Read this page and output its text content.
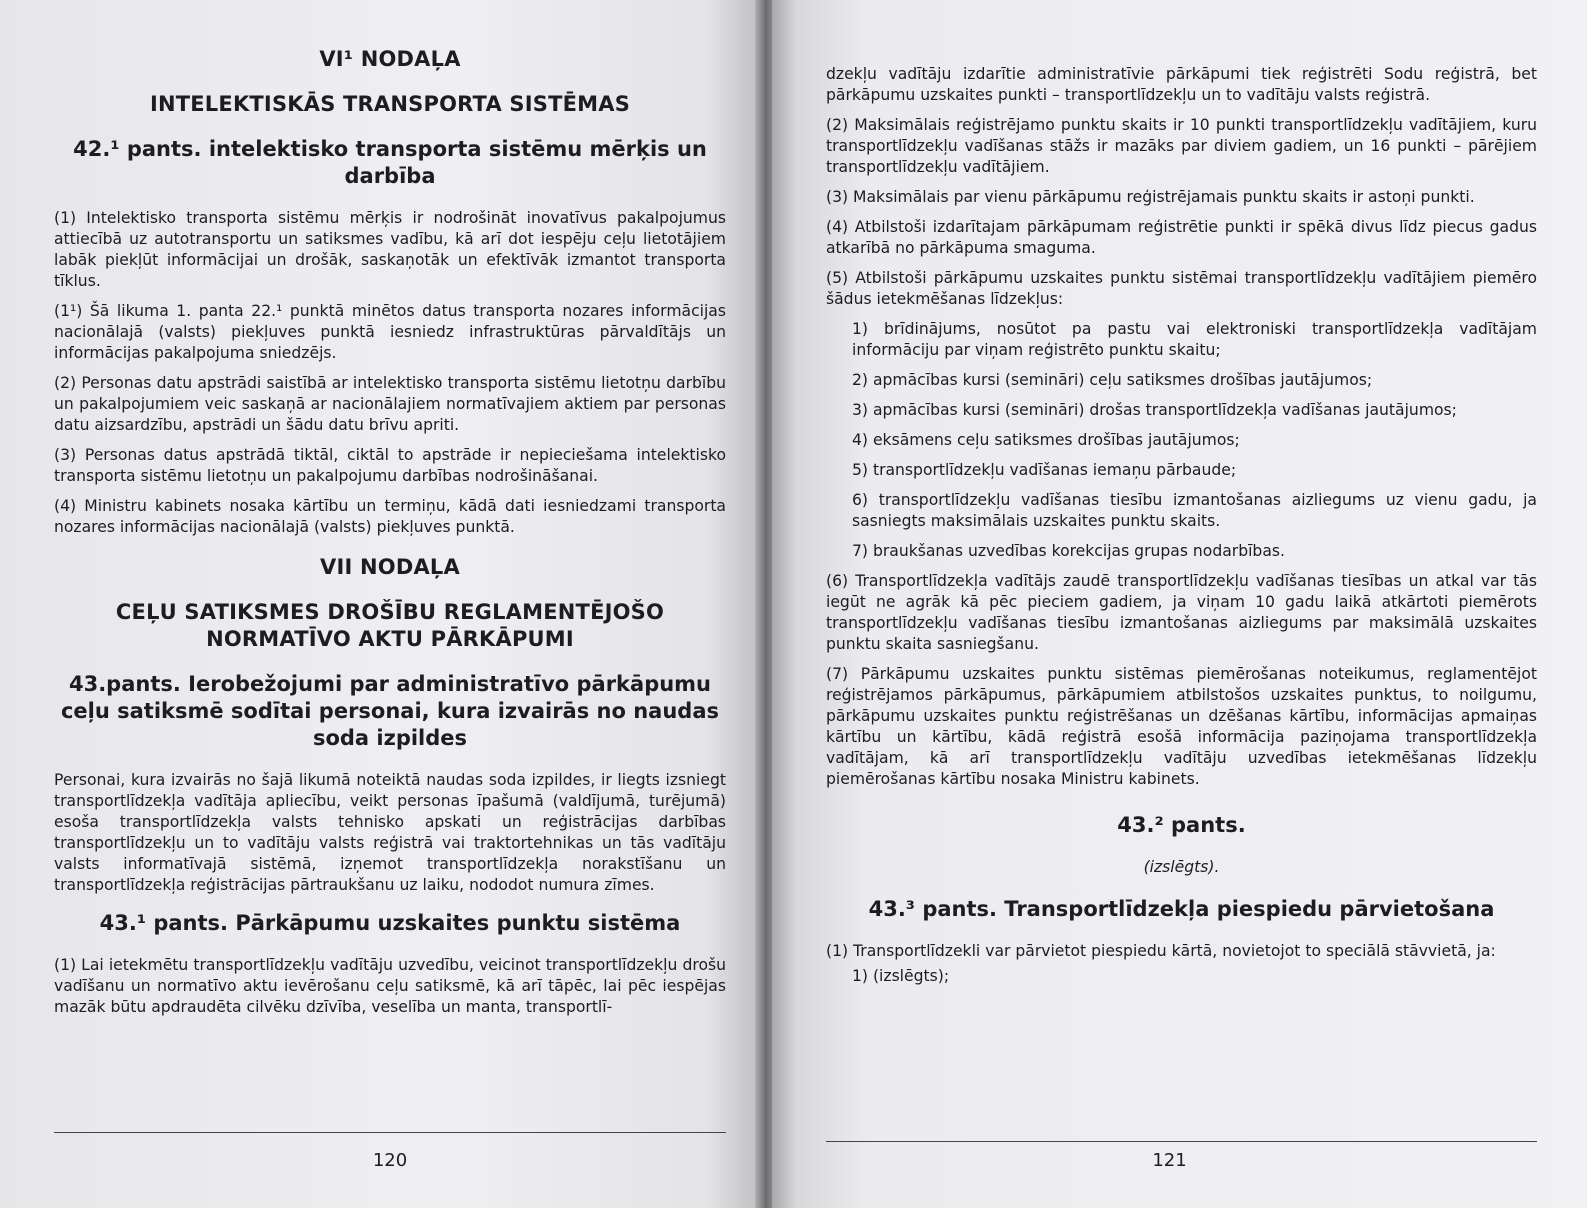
VI¹ NODAĻA
INTELEKTISKĀS TRANSPORTA SISTĒMAS
42.¹ pants. intelektisko transporta sistēmu mērķis un darbība

(1) Intelektisko transporta sistēmu mērķis ir nodrošināt inovatīvus pakalpojumus attiecībā uz autotransportu un satiksmes vadību, kā arī dot iespēju ceļu lietotājiem labāk piekļūt informācijai un drošāk, saskaņotāk un efektīvāk izmantot transporta tīklus.

(1¹) Šā likuma 1. panta 22.¹ punktā minētos datus transporta nozares informācijas nacionālajā (valsts) piekļuves punktā iesniedz infrastruktūras pārvaldītājs un informācijas pakalpojuma sniedzējs.

(2) Personas datu apstrādi saistībā ar intelektisko transporta sistēmu lietotņu darbību un pakalpojumiem veic saskaņā ar nacionālajiem normatīvajiem aktiem par personas datu aizsardzību, apstrādi un šādu datu brīvu apriti.

(3) Personas datus apstrādā tiktāl, ciktāl to apstrāde ir nepieciešama intelektisko transporta sistēmu lietotņu un pakalpojumu darbības nodrošināšanai.

(4) Ministru kabinets nosaka kārtību un termiņu, kādā dati iesniedzami transporta nozares informācijas nacionālajā (valsts) piekļuves punktā.

VII NODAĻA
CEĻU SATIKSMES DROŠĪBU REGLAMENTĒJOŠO NORMATĪVO AKTU PĀRKĀPUMI
43.pants. Ierobežojumi par administratīvo pārkāpumu ceļu satiksmē sodītai personai, kura izvairās no naudas soda izpildes

Personai, kura izvairās no šajā likumā noteiktā naudas soda izpildes, ir liegts izsniegt transportlīdzekļa vadītāja apliecību, veikt personas īpašumā (valdījumā, turējumā) esoša transportlīdzekļa valsts tehnisko apskati un reģistrācijas darbības transportlīdzekļu un to vadītāju valsts reģistrā vai traktortehnikas un tās vadītāju valsts informatīvajā sistēmā, izņemot transportlīdzekļa norakstīšanu un transportlīdzekļa reģistrācijas pārtraukšanu uz laiku, nododot numura zīmes.

43.¹ pants. Pārkāpumu uzskaites punktu sistēma

(1) Lai ietekmētu transportlīdzekļu vadītāju uzvedību, veicinot transportlīdzekļu drošu vadīšanu un normatīvo aktu ievērošanu ceļu satiksmē, kā arī tāpēc, lai pēc iespējas mazāk būtu apdraudēta cilvēku dzīvība, veselība un manta, transportlī-

120

dzekļu vadītāju izdarītie administratīvie pārkāpumi tiek reģistrēti Sodu reģistrā, bet pārkāpumu uzskaites punkti – transportlīdzekļu un to vadītāju valsts reģistrā.

(2) Maksimālais reģistrējamo punktu skaits ir 10 punkti transportlīdzekļu vadītājiem, kuru transportlīdzekļu vadīšanas stāžs ir mazāks par diviem gadiem, un 16 punkti – pārējiem transportlīdzekļu vadītājiem.

(3) Maksimālais par vienu pārkāpumu reģistrējamais punktu skaits ir astoņi punkti.

(4) Atbilstoši izdarītajam pārkāpumam reģistrētie punkti ir spēkā divus līdz piecus gadus atkarībā no pārkāpuma smaguma.

(5) Atbilstoši pārkāpumu uzskaites punktu sistēmai transportlīdzekļu vadītājiem piemēro šādus ietekmēšanas līdzekļus:

1) brīdinājums, nosūtot pa pastu vai elektroniski transportlīdzekļa vadītājam informāciju par viņam reģistrēto punktu skaitu;

2) apmācības kursi (semināri) ceļu satiksmes drošības jautājumos;

3) apmācības kursi (semināri) drošas transportlīdzekļa vadīšanas jautājumos;

4) eksāmens ceļu satiksmes drošības jautājumos;

5) transportlīdzekļu vadīšanas iemaņu pārbaude;

6) transportlīdzekļu vadīšanas tiesību izmantošanas aizliegums uz vienu gadu, ja sasniegts maksimālais uzskaites punktu skaits.

7) braukšanas uzvedības korekcijas grupas nodarbības.

(6) Transportlīdzekļa vadītājs zaudē transportlīdzekļu vadīšanas tiesības un atkal var tās iegūt ne agrāk kā pēc pieciem gadiem, ja viņam 10 gadu laikā atkārtoti piemērots transportlīdzekļu vadīšanas tiesību izmantošanas aizliegums par maksimālā uzskaites punktu skaita sasniegšanu.

(7) Pārkāpumu uzskaites punktu sistēmas piemērošanas noteikumus, reglamentējot reģistrējamos pārkāpumus, pārkāpumiem atbilstošos uzskaites punktus, to noilgumu, pārkāpumu uzskaites punktu reģistrēšanas un dzēšanas kārtību, informācijas apmaiņas kārtību un kārtību, kādā reģistrā esošā informācija paziņojama transportlīdzekļa vadītājam, kā arī transportlīdzekļu vadītāju uzvedības ietekmēšanas līdzekļu piemērošanas kārtību nosaka Ministru kabinets.

43.² pants.
(izslēgts).
43.³ pants. Transportlīdzekļa piespiedu pārvietošana

(1) Transportlīdzekli var pārvietot piespiedu kārtā, novietojot to speciālā stāvvietā, ja:

1) (izslēgts);

121
